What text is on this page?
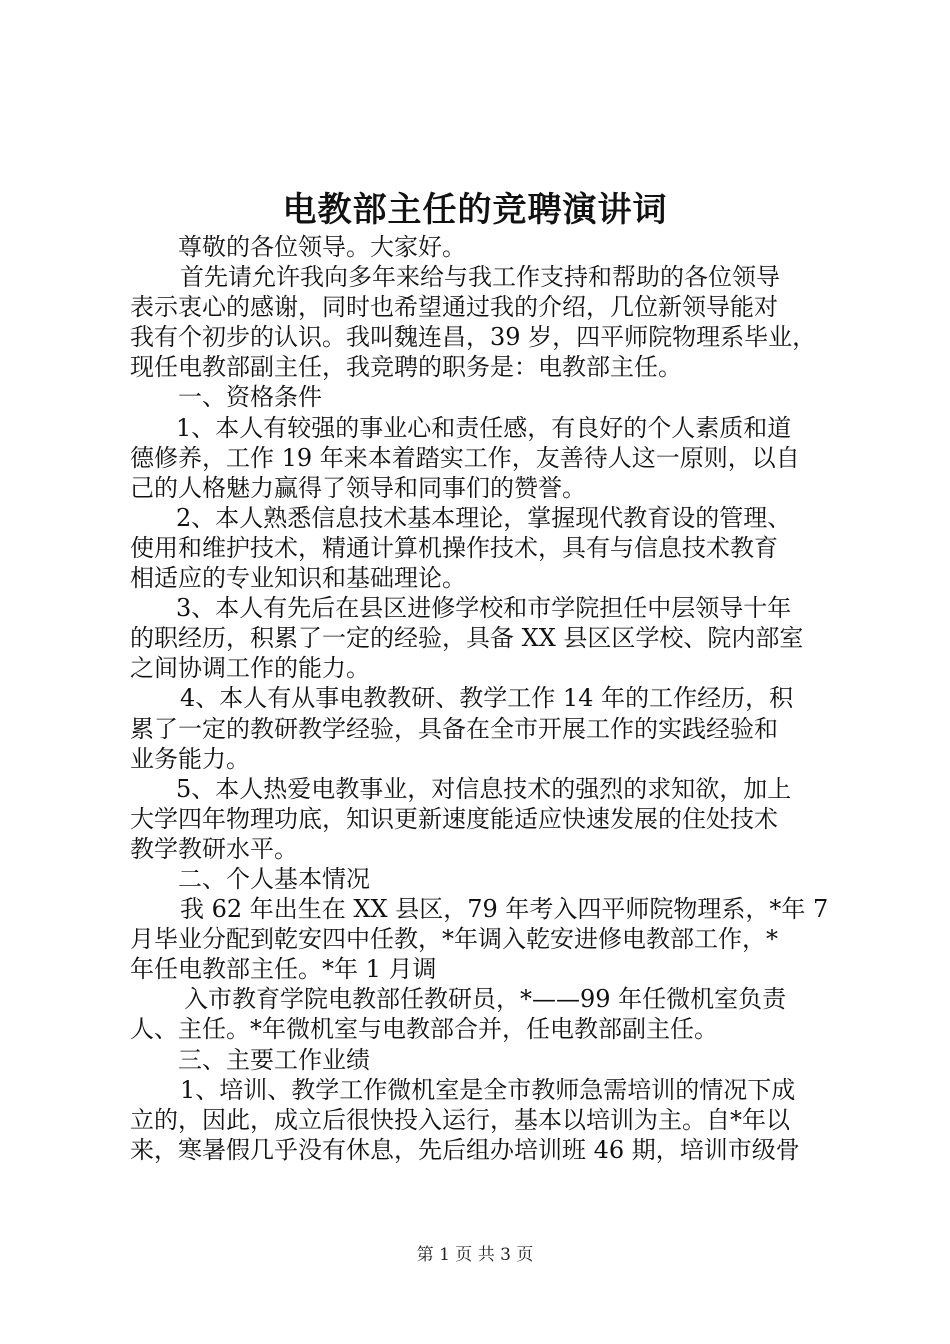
电教部主任的竞聘演讲词
尊敬的各位领导。大家好。
首先请允许我向多年来给与我工作支持和帮助的各位领导
表示衷心的感谢，同时也希望通过我的介绍，几位新领导能对
我有个初步的认识。我叫魏连昌，39 岁，四平师院物理系毕业，
现任电教部副主任，我竞聘的职务是：电教部主任。
一、资格条件
1、本人有较强的事业心和责任感，有良好的个人素质和道
德修养，工作 19 年来本着踏实工作，友善待人这一原则，以自
己的人格魅力赢得了领导和同事们的赞誉。
2、本人熟悉信息技术基本理论，掌握现代教育设的管理、
使用和维护技术，精通计算机操作技术，具有与信息技术教育
相适应的专业知识和基础理论。
3、本人有先后在县区进修学校和市学院担任中层领导十年
的职经历，积累了一定的经验，具备 XX 县区区学校、院内部室
之间协调工作的能力。
4、本人有从事电教教研、教学工作 14 年的工作经历，积
累了一定的教研教学经验，具备在全市开展工作的实践经验和
业务能力。
5、本人热爱电教事业，对信息技术的强烈的求知欲，加上
大学四年物理功底，知识更新速度能适应快速发展的住处技术
教学教研水平。
二、个人基本情况
我 62 年出生在 XX 县区，79 年考入四平师院物理系，*年 7
月毕业分配到乾安四中任教，*年调入乾安进修电教部工作，*
年任电教部主任。*年 1 月调
入市教育学院电教部任教研员，*——99 年任微机室负责
人、主任。*年微机室与电教部合并，任电教部副主任。
三、主要工作业绩
1、培训、教学工作微机室是全市教师急需培训的情况下成
立的，因此，成立后很快投入运行，基本以培训为主。自*年以
来，寒暑假几乎没有休息，先后组办培训班 46 期，培训市级骨
第 1 页 共 3 页
